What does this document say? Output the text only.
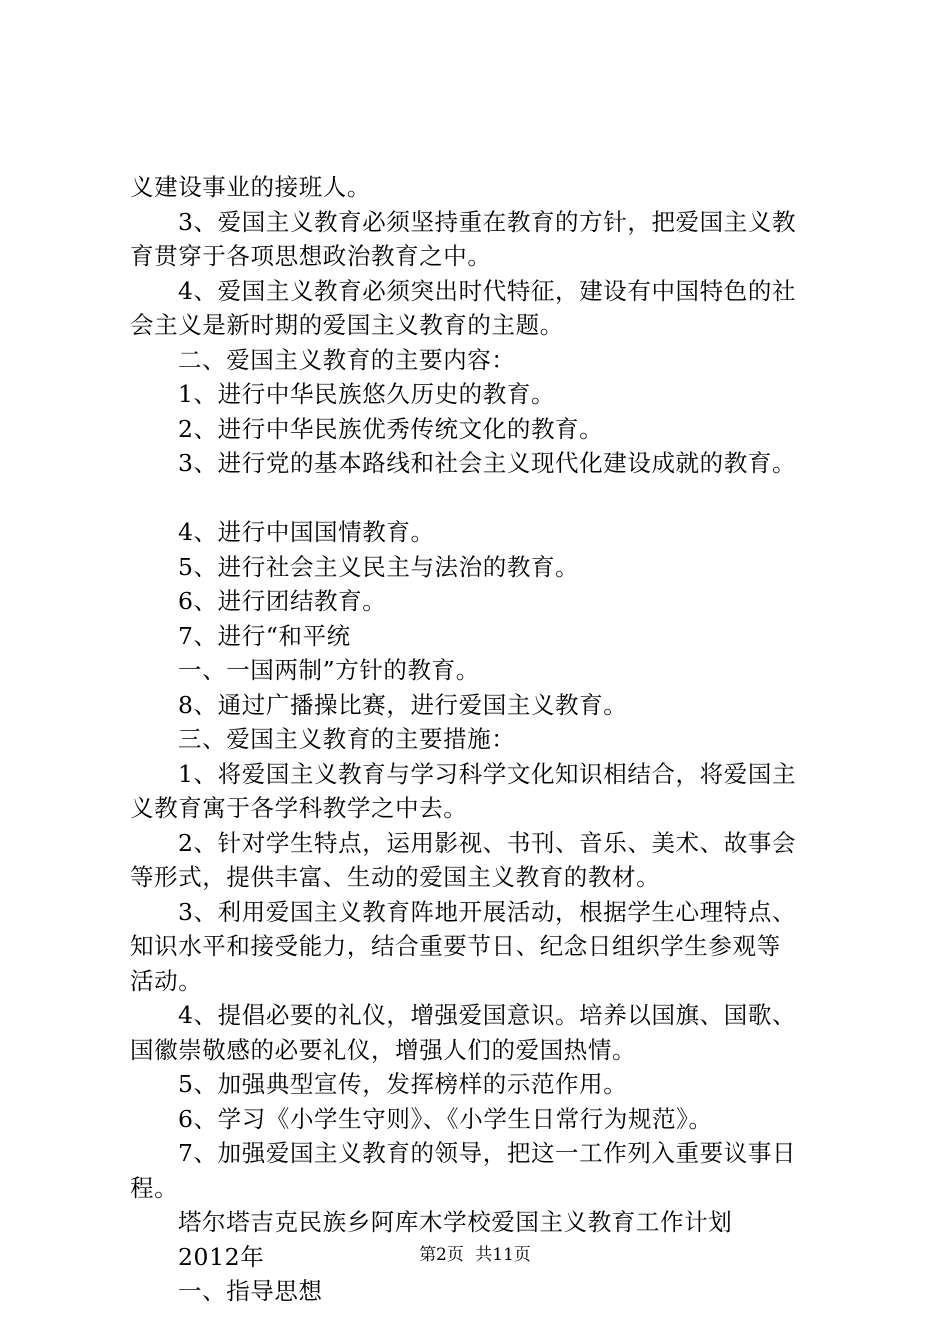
义建设事业的接班人。
3、爱国主义教育必须坚持重在教育的方针，把爱国主义教
育贯穿于各项思想政治教育之中。
4、爱国主义教育必须突出时代特征，建设有中国特色的社
会主义是新时期的爱国主义教育的主题。
二、爱国主义教育的主要内容：
1、进行中华民族悠久历史的教育。
2、进行中华民族优秀传统文化的教育。
3、进行党的基本路线和社会主义现代化建设成就的教育。
4、进行中国国情教育。
5、进行社会主义民主与法治的教育。
6、进行团结教育。
7、进行“和平统
一、一国两制”方针的教育。
8、通过广播操比赛，进行爱国主义教育。
三、爱国主义教育的主要措施：
1、将爱国主义教育与学习科学文化知识相结合，将爱国主
义教育寓于各学科教学之中去。
2、针对学生特点，运用影视、书刊、音乐、美术、故事会
等形式，提供丰富、生动的爱国主义教育的教材。
3、利用爱国主义教育阵地开展活动，根据学生心理特点、
知识水平和接受能力，结合重要节日、纪念日组织学生参观等
活动。
4、提倡必要的礼仪，增强爱国意识。培养以国旗、国歌、
国徽崇敬感的必要礼仪，增强人们的爱国热情。
5、加强典型宣传，发挥榜样的示范作用。
6、学习《小学生守则》、《小学生日常行为规范》。
7、加强爱国主义教育的领导，把这一工作列入重要议事日
程。
塔尔塔吉克民族乡阿库木学校爱国主义教育工作计划
2012年
一、指导思想
第2页 共11页
